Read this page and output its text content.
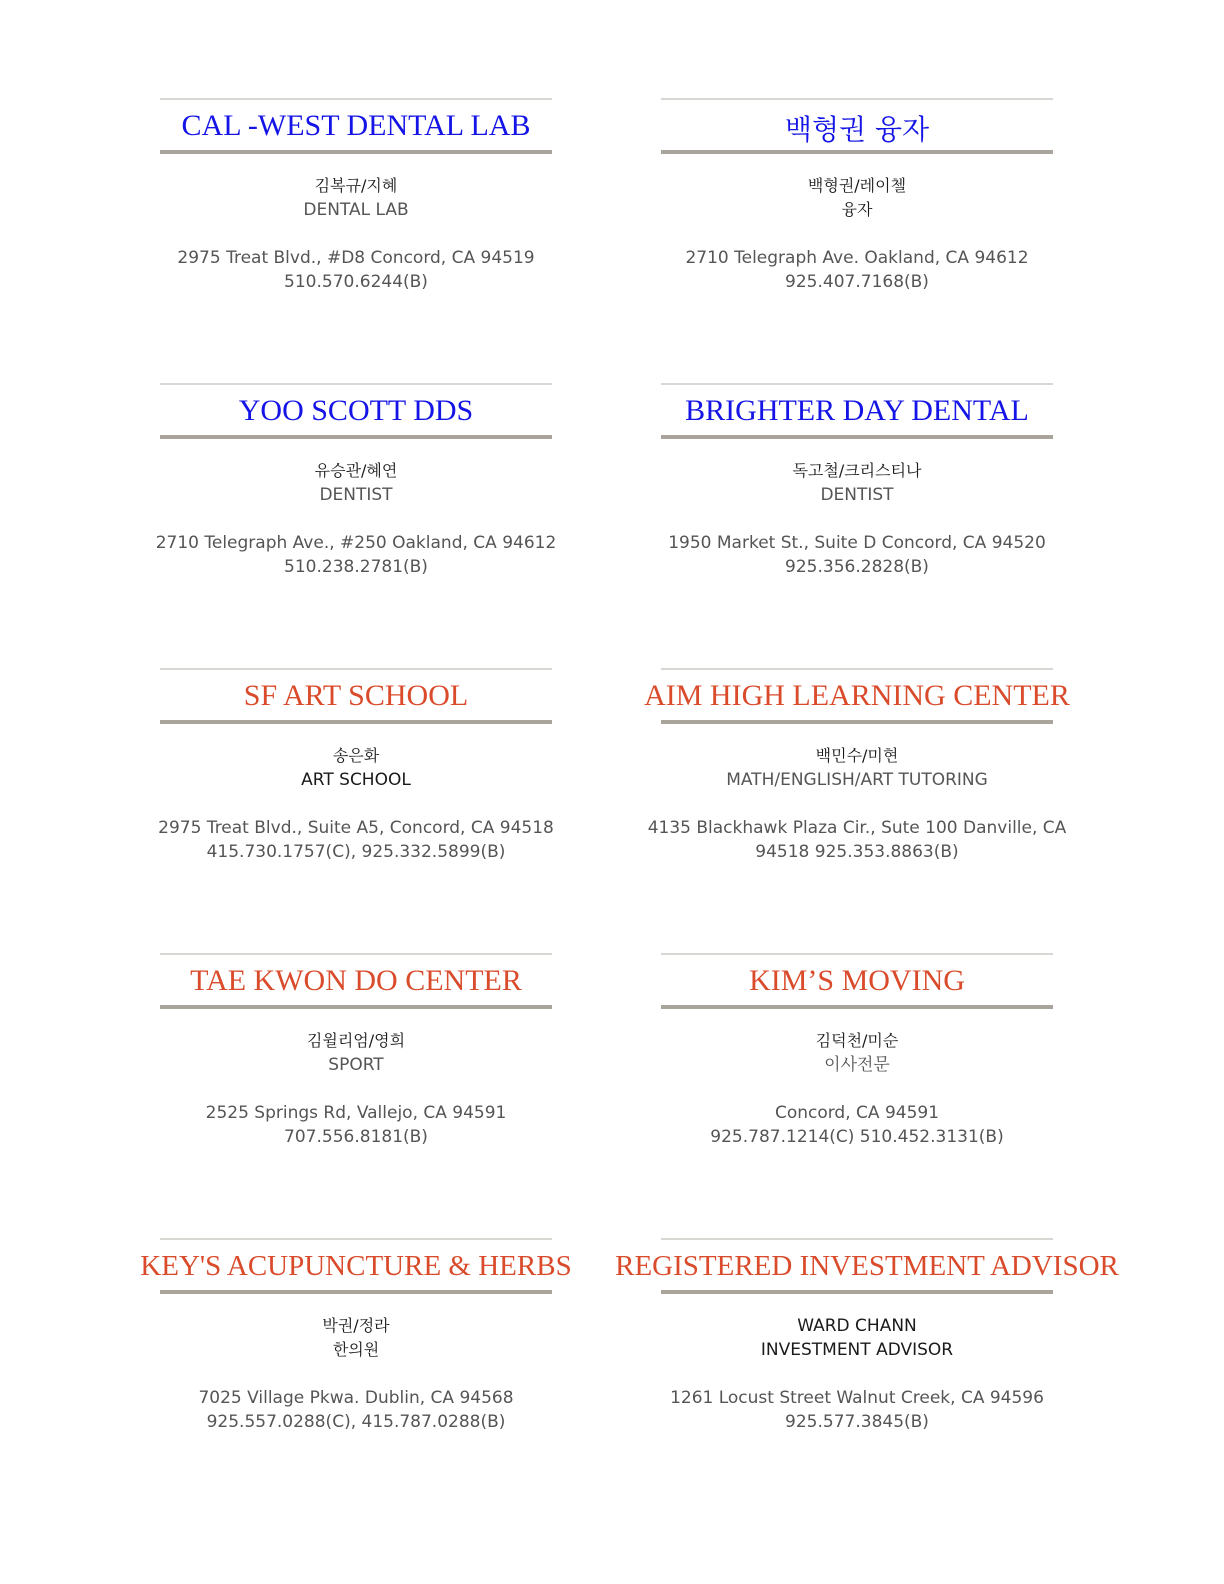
CAL -WEST DENTAL LAB
김복규/지혜
DENTAL LAB
2975 Treat Blvd., #D8 Concord, CA 94519
510.570.6244(B)
백형권 융자
백형권/레이첼
융자
2710 Telegraph Ave. Oakland, CA 94612
925.407.7168(B)
YOO SCOTT DDS
유승관/혜연
DENTIST
2710 Telegraph Ave., #250 Oakland, CA 94612
510.238.2781(B)
BRIGHTER DAY DENTAL
독고철/크리스티나
DENTIST
1950 Market St., Suite D Concord, CA 94520
925.356.2828(B)
SF ART SCHOOL
송은화
ART SCHOOL
2975 Treat Blvd., Suite A5, Concord, CA 94518
415.730.1757(C), 925.332.5899(B)
AIM HIGH LEARNING CENTER
백민수/미현
MATH/ENGLISH/ART TUTORING
4135 Blackhawk Plaza Cir., Sute 100 Danville, CA
94518 925.353.8863(B)
TAE KWON DO CENTER
김윌리엄/영희
SPORT
2525 Springs Rd, Vallejo, CA 94591
707.556.8181(B)
KIM’S MOVING
김덕천/미순
이사전문
Concord, CA 94591
925.787.1214(C) 510.452.3131(B)
KEY'S ACUPUNCTURE & HERBS
박권/정라
한의원
7025 Village Pkwa. Dublin, CA 94568
925.557.0288(C), 415.787.0288(B)
REGISTERED INVESTMENT ADVISOR
WARD CHANN
INVESTMENT ADVISOR
1261 Locust Street Walnut Creek, CA 94596
925.577.3845(B)
